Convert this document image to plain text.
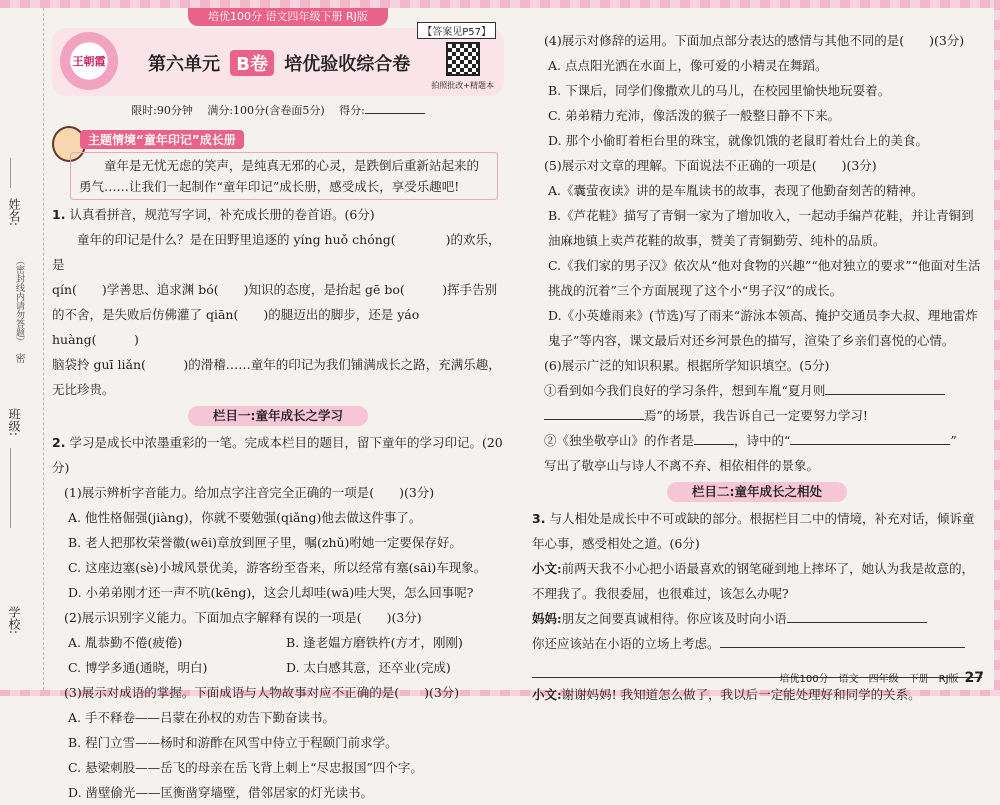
培优100分 语文四年级下册 RJ版
姓名:
（密封线内请勿答题）
密
班级:
学校:
王朝霞	第六单元 B卷 培优验收综合卷
【答案见P57】
拍照批改+精题本
限时:90分钟　 满分:100分(含卷面5分)　 得分:
主题情境“童年印记”成长册
童年是无忧无虑的笑声，是纯真无邪的心灵，是跌倒后重新站起来的勇气……让我们一起制作“童年印记”成长册，感受成长，享受乐趣吧!

1. 认真看拼音，规范写字词，补充成长册的卷首语。(6分)

童年的印记是什么？是在田野里追逐的 yíng huǒ chóng(　　　　)的欢乐，是

qín(　　)学善思、追求渊 bó(　　)知识的态度，是抬起 gē bo(　　　)挥手告别

的不舍，是失败后仿佛灌了 qiān(　　)的腿迈出的脚步，还是 yáo huàng(　　　)

脑袋拎 guī liǎn(　　　)的滑稽……童年的印记为我们铺满成长之路，充满乐趣，无比珍贵。

栏目一:童年成长之学习

2. 学习是成长中浓墨重彩的一笔。完成本栏目的题目，留下童年的学习印记。(20分)

(1)展示辨析字音能力。给加点字注音完全正确的一项是(　　)(3分)

A. 他性格倔强(jiàng)，你就不要勉强(qiǎng)他去做这件事了。

B. 老人把那枚荣誉徽(wēi)章放到匣子里，嘱(zhǔ)咐她一定要保存好。

C. 这座边塞(sè)小城风景优美，游客纷至沓来，所以经常有塞(sāi)车现象。

D. 小弟弟刚才还一声不吭(kēng)，这会儿却哇(wā)哇大哭，怎么回事呢?

(2)展示识别字义能力。下面加点字解释有误的一项是(　　)(3分)

A. 胤恭勤不倦(疲倦)	B. 逢老媪方磨铁杵(方才，刚刚)

C. 博学多通(通晓，明白)	D. 太白感其意，还卒业(完成)

(3)展示对成语的掌握。下面成语与人物故事对应不正确的是(　　)(3分)

A. 手不释卷——吕蒙在孙权的劝告下勤奋读书。

B. 程门立雪——杨时和游酢在风雪中侍立于程颐门前求学。

C. 悬梁刺股——岳飞的母亲在岳飞背上刺上“尽忠报国”四个字。

D. 凿壁偷光——匡衡凿穿墙壁，借邻居家的灯光读书。

(4)展示对修辞的运用。下面加点部分表达的感情与其他不同的是(　　)(3分)

A. 点点阳光洒在水面上，像可爱的小精灵在舞蹈。

B. 下课后，同学们像撒欢儿的马儿，在校园里愉快地玩耍着。

C. 弟弟精力充沛，像活泼的猴子一般整日静不下来。

D. 那个小偷盯着柜台里的珠宝，就像饥饿的老鼠盯着灶台上的美食。

(5)展示对文章的理解。下面说法不正确的一项是(　　)(3分)

A.《囊萤夜读》讲的是车胤读书的故事，表现了他勤奋刻苦的精神。

B.《芦花鞋》描写了青铜一家为了增加收入，一起动手编芦花鞋，并让青铜到油麻地镇上卖芦花鞋的故事，赞美了青铜勤劳、纯朴的品质。

C.《我们家的男子汉》依次从“他对食物的兴趣”“他对独立的要求”“他面对生活挑战的沉着”三个方面展现了这个小“男子汉”的成长。

D.《小英雄雨来》(节选)写了雨来“游泳本领高、掩护交通员李大叔、理地雷炸鬼子”等内容，课文最后对还乡河景色的描写，渲染了乡亲们喜悦的心情。

(6)展示广泛的知识积累。根据所学知识填空。(5分)

①看到如今我们良好的学习条件，想到车胤“夏月则

焉”的场景，我告诉自己一定要努力学习!

②《独坐敬亭山》的作者是	，诗中的“	”

写出了敬亭山与诗人不离不弃、相依相伴的景象。

栏目二:童年成长之相处

3. 与人相处是成长中不可或缺的部分。根据栏目二中的情境，补充对话，倾诉童年心事，感受相处之道。(6分)

小文:前两天我不小心把小语最喜欢的钢笔碰到地上摔坏了，她认为我是故意的，不理我了。我很委屈，也很难过，该怎么办呢?

妈妈:朋友之间要真诚相待。你应该及时向小语

你还应该站在小语的立场上考虑。

小文:谢谢妈妈! 我知道怎么做了，我以后一定能处理好和同学的关系。

培优100分　语文　四年级　下册　RJ版 27
